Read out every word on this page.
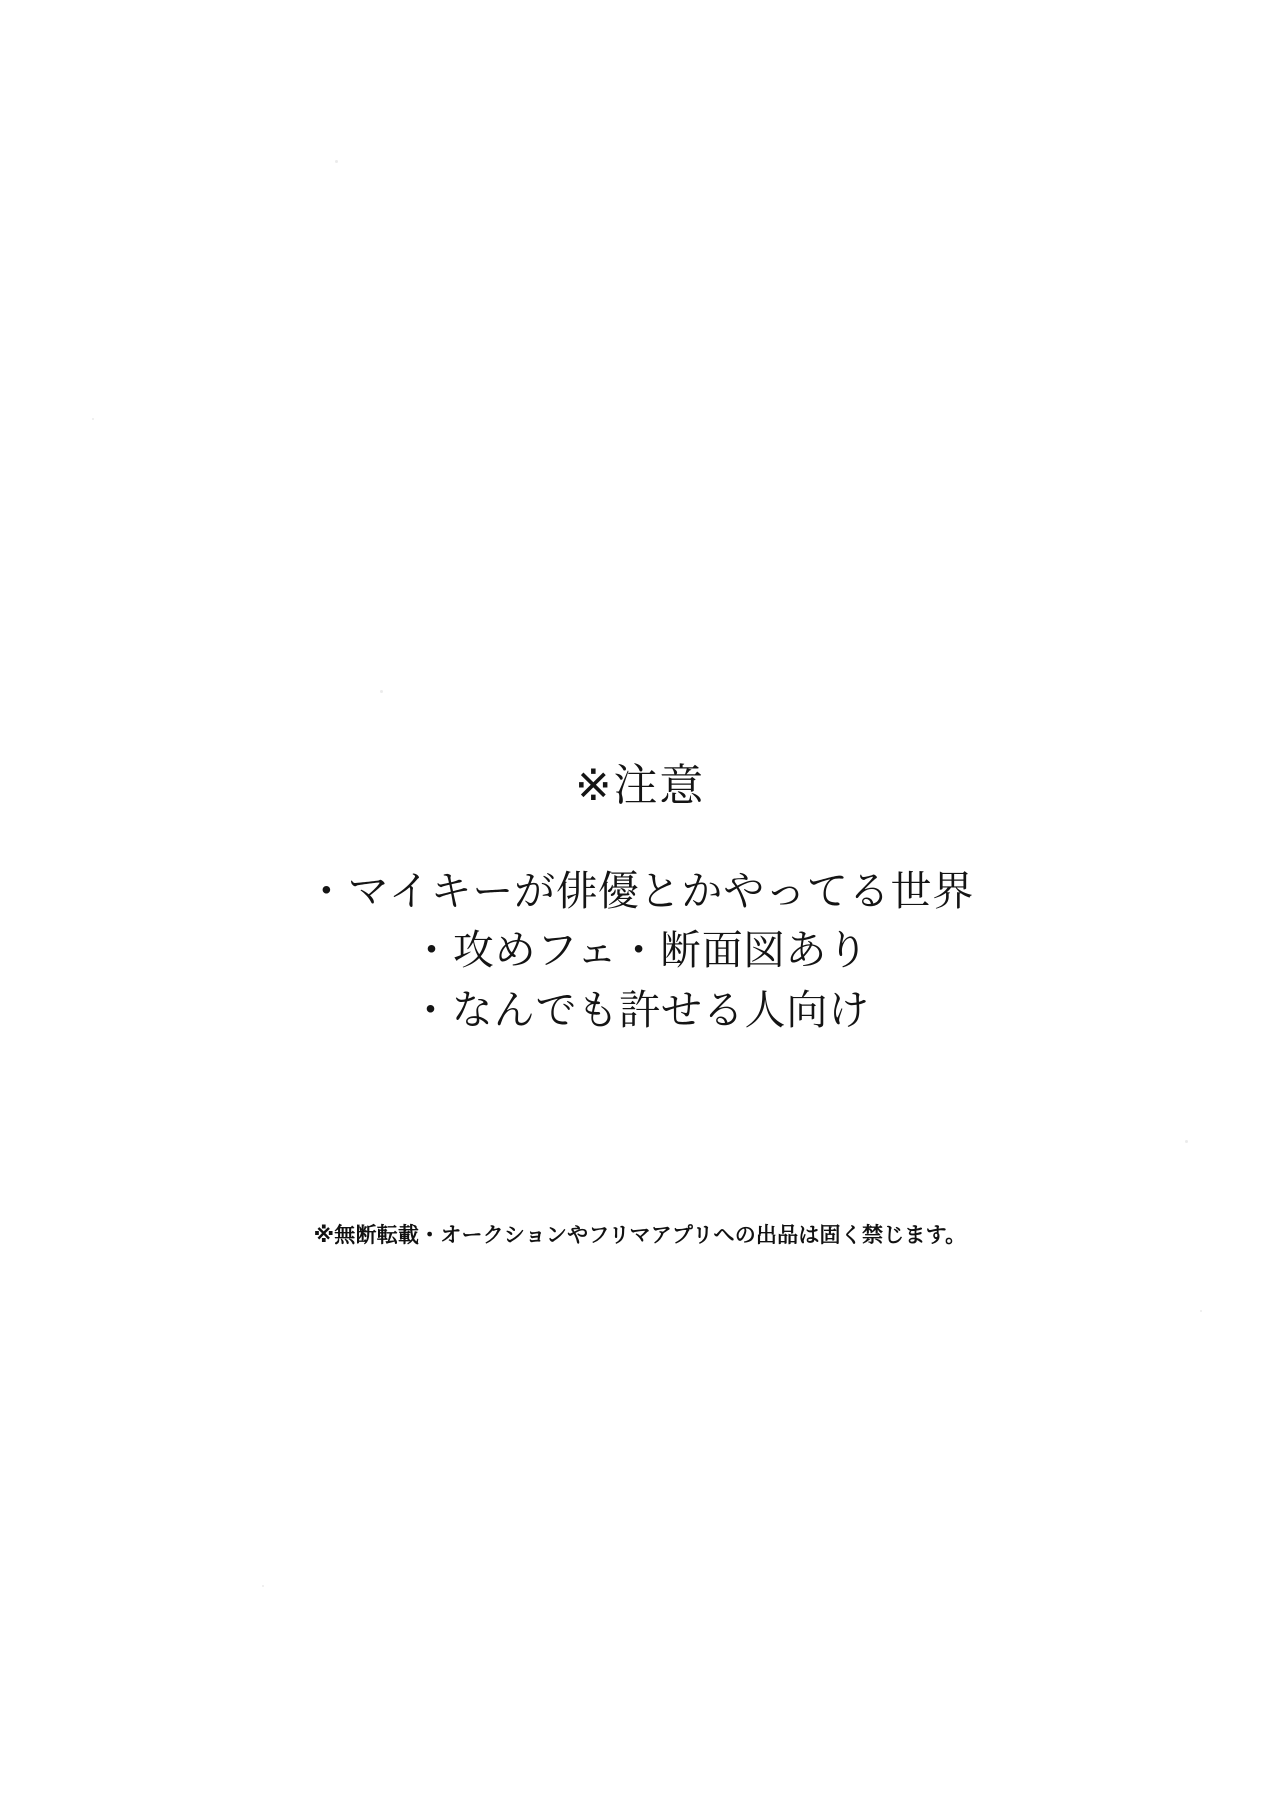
※注意
・マイキーが俳優とかやってる世界
・攻めフェ・断面図あり
・なんでも許せる人向け
※無断転載・オークションやフリマアプリへの出品は固く禁じます。
